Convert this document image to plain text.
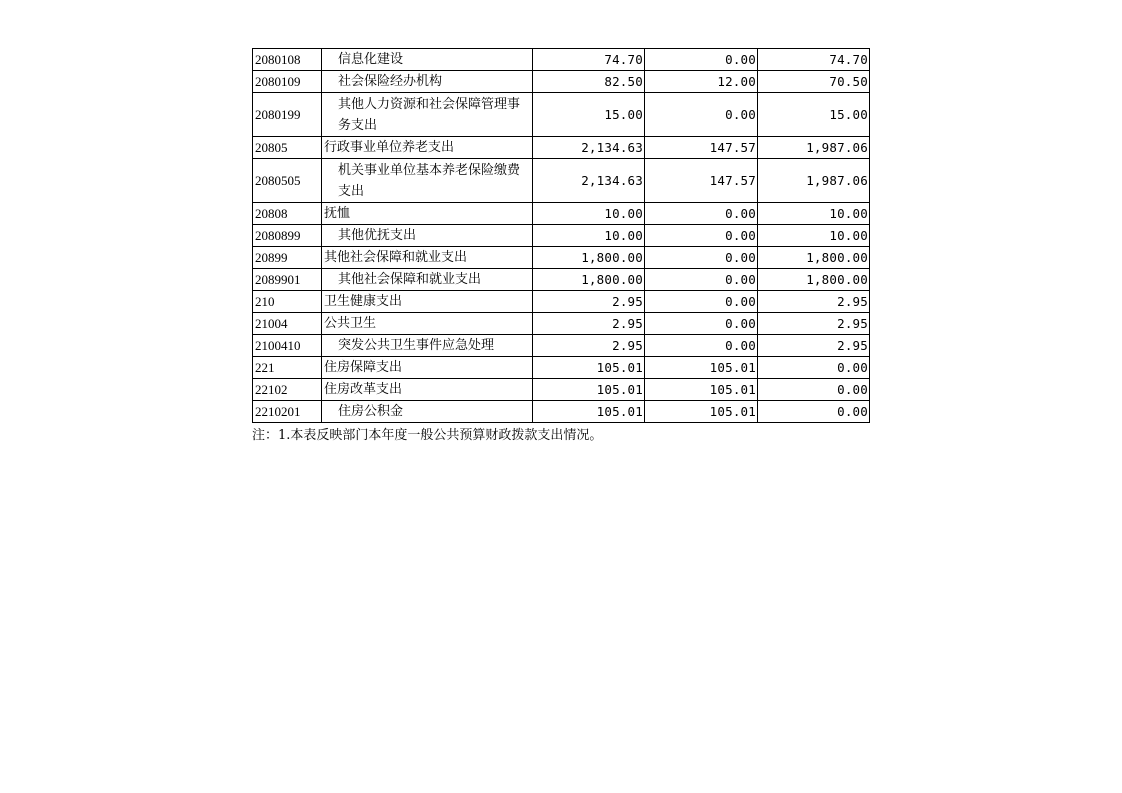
2080108	信息化建设	74.70	0.00	74.70
2080109	社会保险经办机构	82.50	12.00	70.50
2080199	其他人力资源和社会保障管理事务支出	15.00	0.00	15.00
20805	行政事业单位养老支出	2,134.63	147.57	1,987.06
2080505	机关事业单位基本养老保险缴费支出	2,134.63	147.57	1,987.06
20808	抚恤	10.00	0.00	10.00
2080899	其他优抚支出	10.00	0.00	10.00
20899	其他社会保障和就业支出	1,800.00	0.00	1,800.00
2089901	其他社会保障和就业支出	1,800.00	0.00	1,800.00
210	卫生健康支出	2.95	0.00	2.95
21004	公共卫生	2.95	0.00	2.95
2100410	突发公共卫生事件应急处理	2.95	0.00	2.95
221	住房保障支出	105.01	105.01	0.00
22102	住房改革支出	105.01	105.01	0.00
2210201	住房公积金	105.01	105.01	0.00
注：1.本表反映部门本年度一般公共预算财政拨款支出情况。
